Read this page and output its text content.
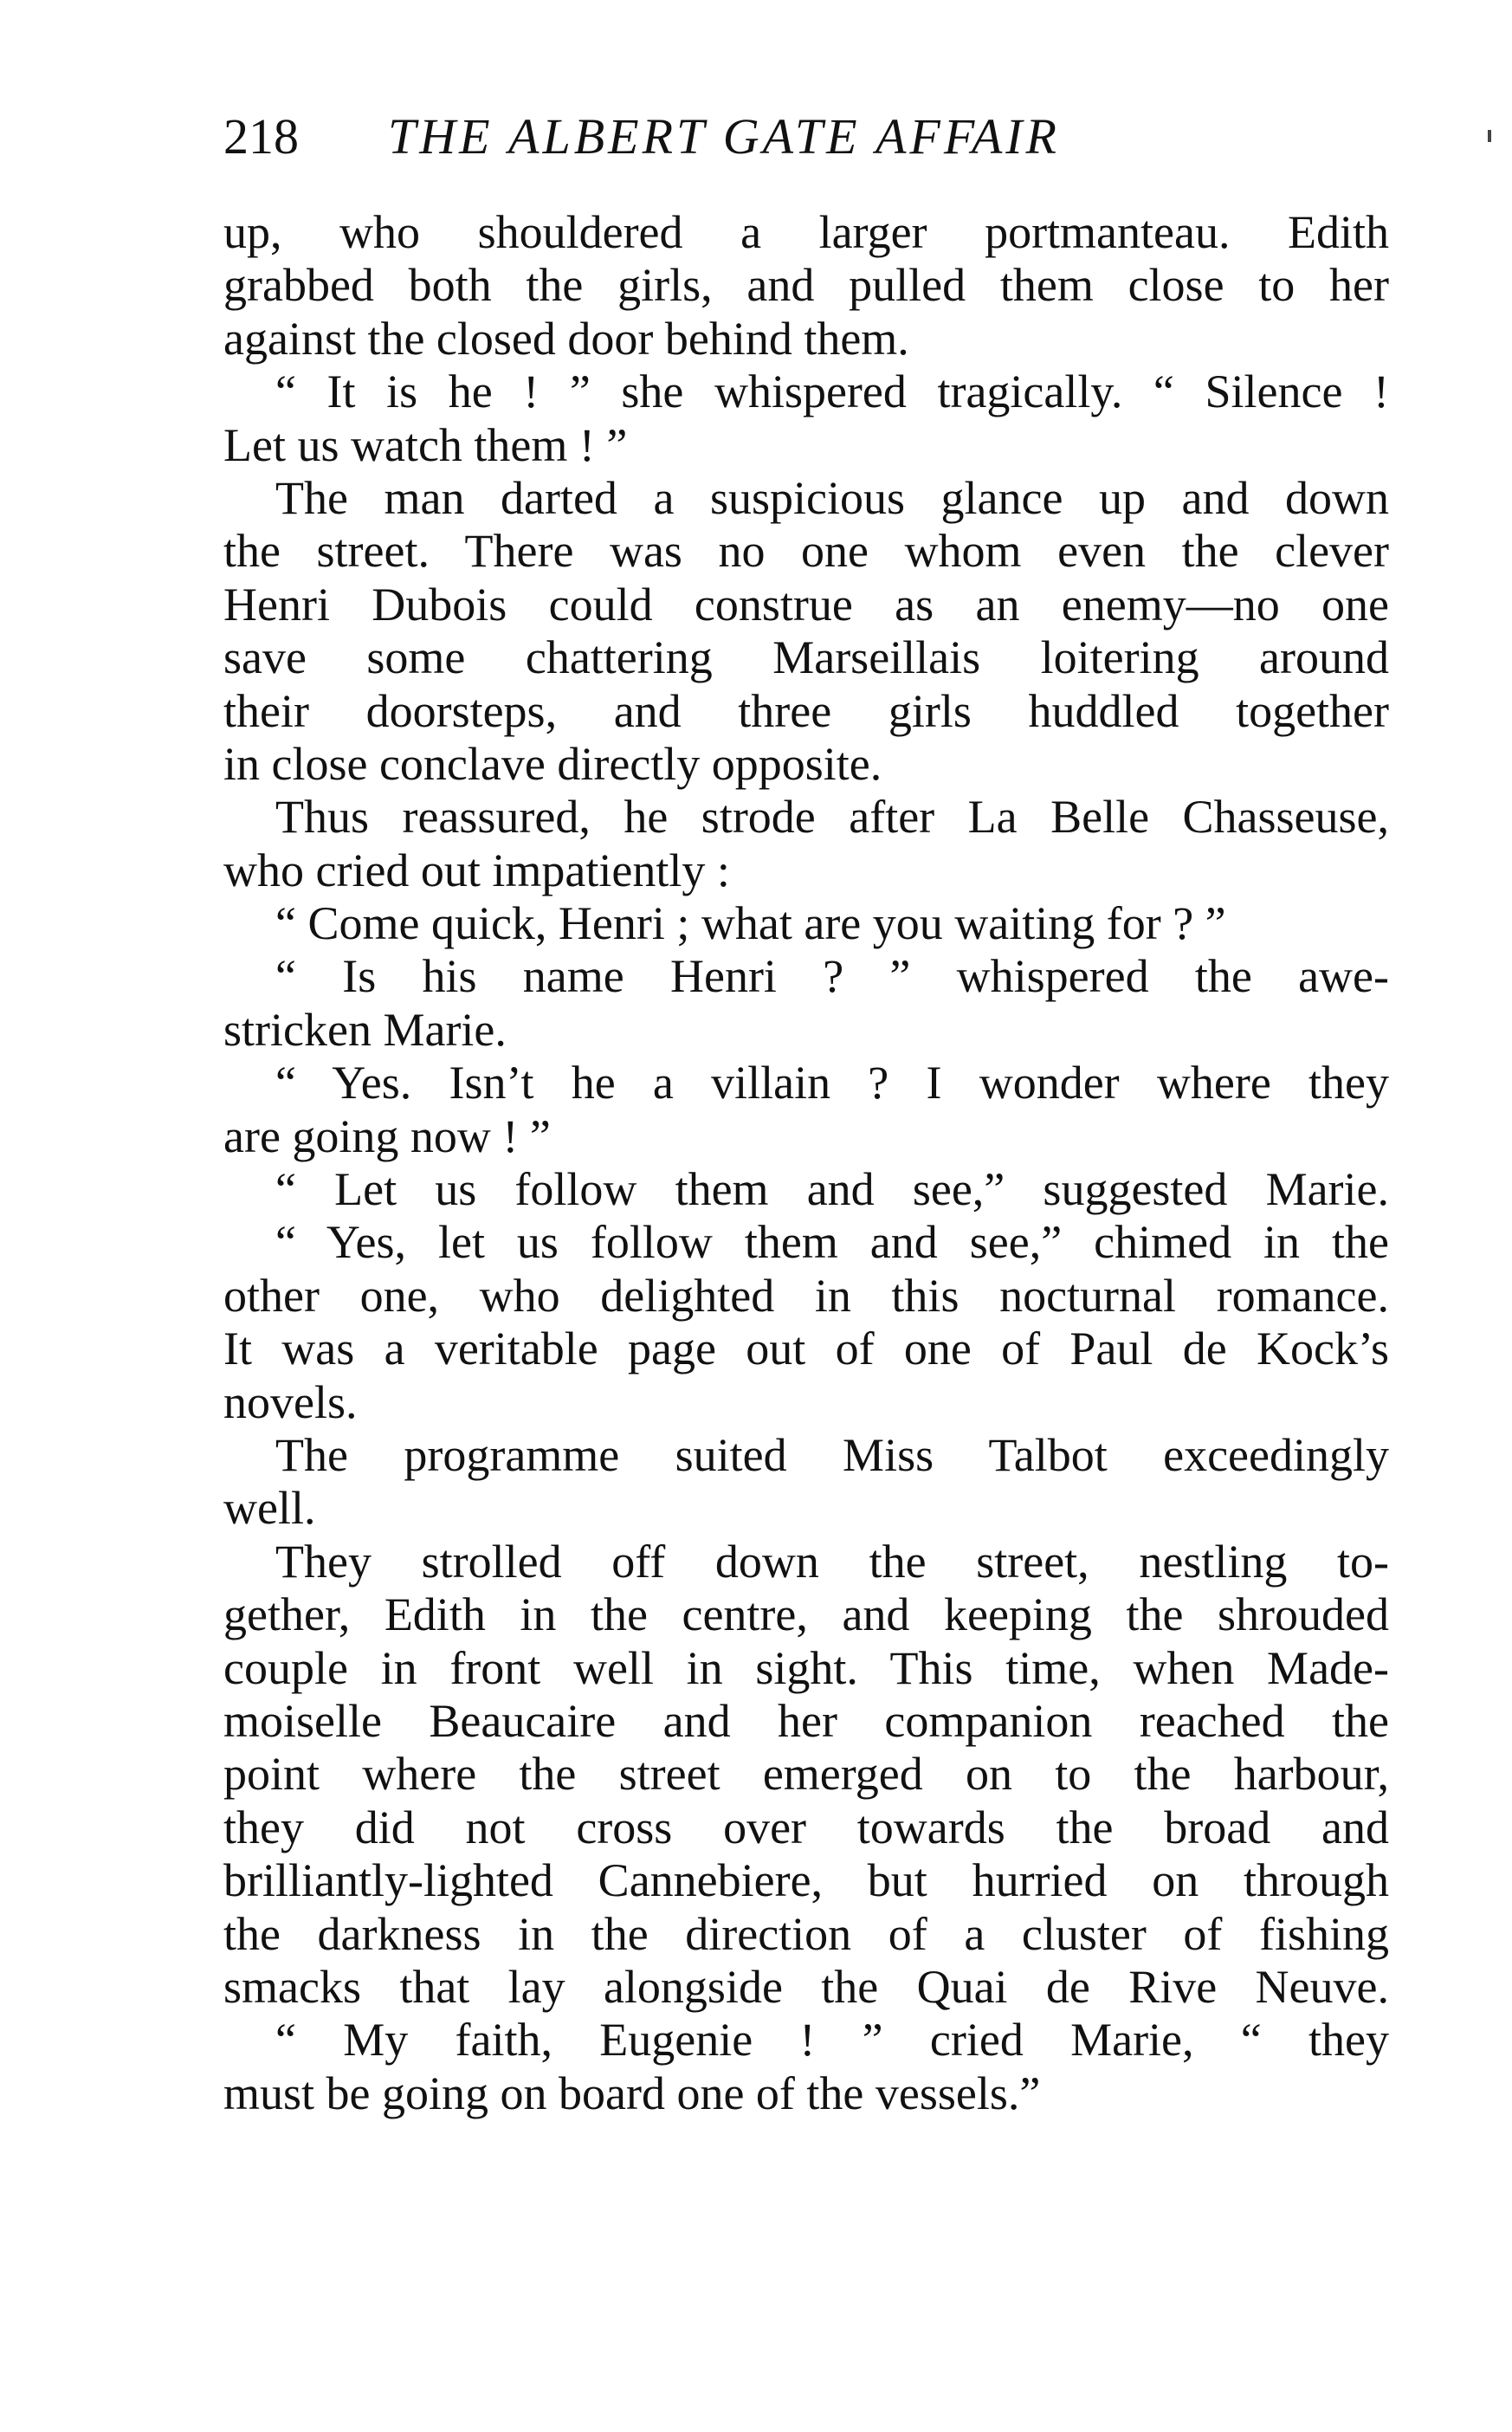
218 THE ALBERT GATE AFFAIR
up, who shouldered a larger portmanteau. Edith
grabbed both the girls, and pulled them close to her
against the closed door behind them.
“ It is he ! ” she whispered tragically. “ Silence !
Let us watch them ! ”
The man darted a suspicious glance up and down
the street. There was no one whom even the clever
Henri Dubois could construe as an enemy—no one
save some chattering Marseillais loitering around
their doorsteps, and three girls huddled together
in close conclave directly opposite.
Thus reassured, he strode after La Belle Chasseuse,
who cried out impatiently :
“ Come quick, Henri ; what are you waiting for ? ”
“ Is his name Henri ? ” whispered the awe-
stricken Marie.
“ Yes. Isn’t he a villain ? I wonder where they
are going now ! ”
“ Let us follow them and see,” suggested Marie.
“ Yes, let us follow them and see,” chimed in the
other one, who delighted in this nocturnal romance.
It was a veritable page out of one of Paul de Kock’s
novels.
The programme suited Miss Talbot exceedingly
well.
They strolled off down the street, nestling to-
gether, Edith in the centre, and keeping the shrouded
couple in front well in sight. This time, when Made-
moiselle Beaucaire and her companion reached the
point where the street emerged on to the harbour,
they did not cross over towards the broad and
brilliantly-lighted Cannebiere, but hurried on through
the darkness in the direction of a cluster of fishing
smacks that lay alongside the Quai de Rive Neuve.
“ My faith, Eugenie ! ” cried Marie, “ they
must be going on board one of the vessels.”
